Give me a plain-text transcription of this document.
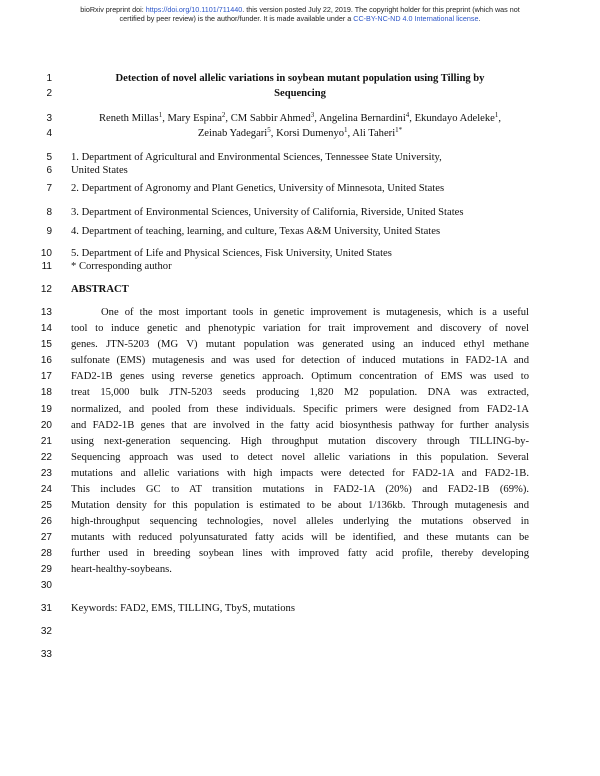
bioRxiv preprint doi: https://doi.org/10.1101/711440. this version posted July 22, 2019. The copyright holder for this preprint (which was not
certified by peer review) is the author/funder. It is made available under a CC-BY-NC-ND 4.0 International license.
1	Detection of novel allelic variations in soybean mutant population using Tilling by
2	Sequencing
3	Reneth Millas$^1$, Mary Espina$^2$, CM Sabbir Ahmed$^3$, Angelina Bernardini$^4$, Ekundayo Adeleke$^1$,
4	Zeinab Yadegari$^5$, Korsi Dumenyo$^1$, Ali Taheri$^{1*}$
5 1. Department of Agricultural and Environmental Sciences, Tennessee State University,
6 United States
7 2. Department of Agronomy and Plant Genetics, University of Minnesota, United States
8 3. Department of Environmental Sciences, University of California, Riverside, United States
9 4. Department of teaching, learning, and culture, Texas A&M University, United States
10 5. Department of Life and Physical Sciences, Fisk University, United States
11 * Corresponding author
12 ABSTRACT
13	One of the most important tools in genetic improvement is mutagenesis, which is a useful
14 tool to induce genetic and phenotypic variation for trait improvement and discovery of novel
15 genes. JTN-5203 (MG V) mutant population was generated using an induced ethyl methane
16 sulfonate (EMS) mutagenesis and was used for detection of induced mutations in FAD2-1A and
17 FAD2-1B genes using reverse genetics approach. Optimum concentration of EMS was used to
18 treat 15,000 bulk JTN-5203 seeds producing 1,820 M2 population. DNA was extracted,
19 normalized, and pooled from these individuals. Specific primers were designed from FAD2-1A
20 and FAD2-1B genes that are involved in the fatty acid biosynthesis pathway for further analysis
21 using next-generation sequencing. High throughput mutation discovery through TILLING-by-
22 Sequencing approach was used to detect novel allelic variations in this population. Several
23 mutations and allelic variations with high impacts were detected for FAD2-1A and FAD2-1B.
24 This includes GC to AT transition mutations in FAD2-1A (20%) and FAD2-1B (69%).
25 Mutation density for this population is estimated to be about 1/136kb. Through mutagenesis and
26 high-throughput sequencing technologies, novel alleles underlying the mutations observed in
27 mutants with reduced polyunsaturated fatty acids will be identified, and these mutants can be
28 further used in breeding soybean lines with improved fatty acid profile, thereby developing
29 heart-healthy-soybeans.
30
31 Keywords: FAD2, EMS, TILLING, TbyS, mutations
32
33
